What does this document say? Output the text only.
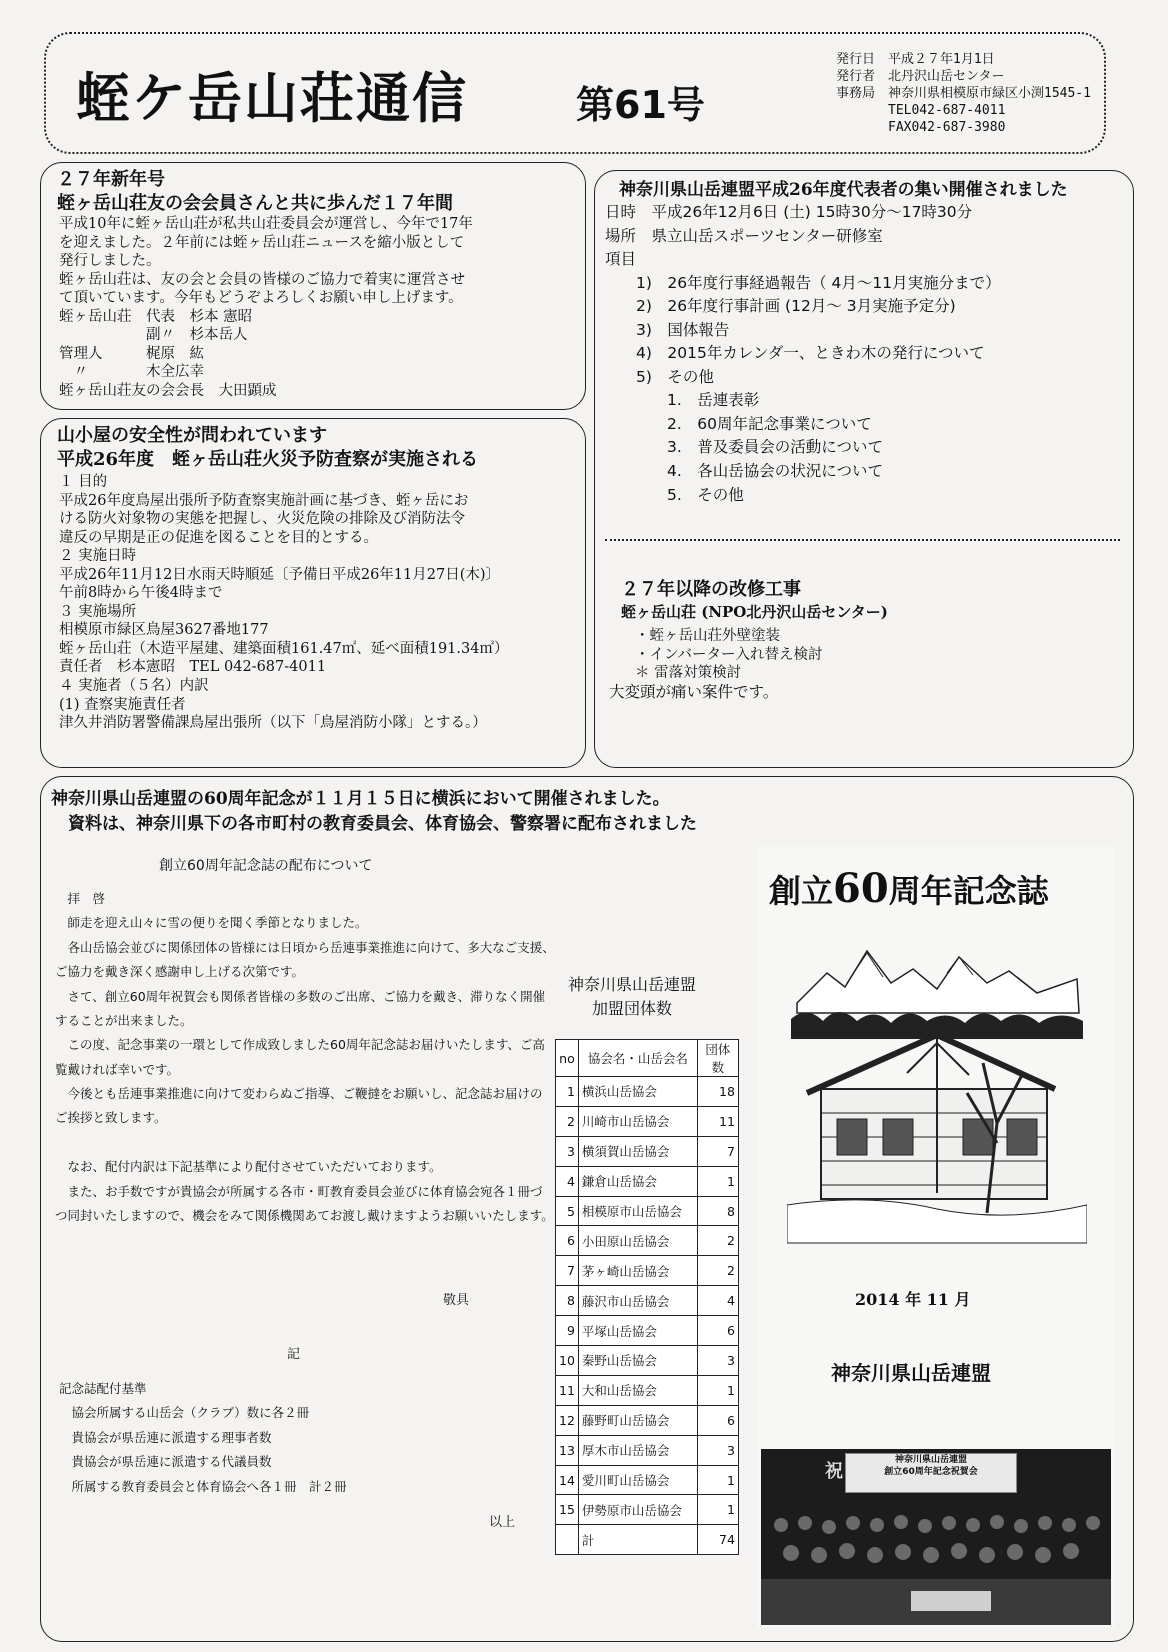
蛭ケ岳山荘通信	第61号
発行日　平成２７年1月1日
発行者　北丹沢山岳センター
事務局　神奈川県相模原市緑区小渕1545-1
　　　　TEL042-687-4011
　　　　FAX042-687-3980
２７年新年号
蛭ヶ岳山荘友の会会員さんと共に歩んだ１７年間
平成10年に蛭ヶ岳山荘が私共山荘委員会が運営し、今年で17年
を迎えました。２年前には蛭ヶ岳山荘ニュースを縮小版として
発行しました。
蛭ヶ岳山荘は、友の会と会員の皆様のご協力で着実に運営させ
て頂いています。今年もどうぞよろしくお願い申し上げます。
蛭ヶ岳山荘　代表　杉本 憲昭
　　　　　　副〃　杉本岳人
管理人　　　梶原　紘
　〃　　　　木全広幸
蛭ヶ岳山荘友の会会長　大田顕成
山小屋の安全性が問われています
平成26年度　蛭ヶ岳山荘火災予防査察が実施される
１ 目的
平成26年度鳥屋出張所予防査察実施計画に基づき、蛭ヶ岳にお
ける防火対象物の実態を把握し、火災危険の排除及び消防法令
違反の早期是正の促進を図ることを目的とする。
２ 実施日時
平成26年11月12日水雨天時順延〔予備日平成26年11月27日(木)〕
午前8時から午後4時まで
３ 実施場所
相模原市緑区鳥屋3627番地177
蛭ヶ岳山荘（木造平屋建、建築面積161.47㎡、延べ面積191.34㎡）
責任者　杉本憲昭　TEL 042-687-4011
４ 実施者（５名）内訳
(1) 査察実施責任者
津久井消防署警備課鳥屋出張所（以下「鳥屋消防小隊」とする。）
神奈川県山岳連盟平成26年度代表者の集い開催されました
日時　平成26年12月6日 (土) 15時30分～17時30分
場所　県立山岳スポーツセンター研修室
項目
　　1)　26年度行事経過報告（ 4月～11月実施分まで）
　　2)　26年度行事計画 (12月～ 3月実施予定分)
　　3)　国体報告
　　4)　2015年カレンダ一、ときわ木の発行について
　　5)　その他
　　　　1.　岳連表彰
　　　　2.　60周年記念事業について
　　　　3.　普及委員会の活動について
　　　　4.　各山岳協会の状況について
　　　　5.　その他
２７年以降の改修工事
蛭ヶ岳山荘 (NPO北丹沢山岳センター)
・蛭ヶ岳山荘外壁塗装
・インバーター入れ替え検討
＊ 雷落対策検討
大変頭が痛い案件です。
神奈川県山岳連盟の60周年記念が１１月１５日に横浜において開催されました。
　資料は、神奈川県下の各市町村の教育委員会、体育協会、警察署に配布されました
創立60周年記念誌の配布について
　拝　啓
　師走を迎え山々に雪の便りを聞く季節となりました。
　各山岳協会並びに関係団体の皆様には日頃から岳連事業推進に向けて、多大なご支援、
ご協力を戴き深く感謝申し上げる次第です。
　さて、創立60周年祝賀会も関係者皆様の多数のご出席、ご協力を戴き、滞りなく開催
することが出来ました。
　この度、記念事業の一環として作成致しました60周年記念誌お届けいたします、ご高
覧戴ければ幸いです。
　今後とも岳連事業推進に向けて変わらぬご指導、ご鞭撻をお願いし、記念誌お届けの
ご挨拶と致します。

　なお、配付内訳は下記基準により配付させていただいております。
　また、お手数ですが貴協会が所属する各市・町教育委員会並びに体育協会宛各１冊づ
つ同封いたしますので、機会をみて関係機関あてお渡し戴けますようお願いいたします。
敬具
記
記念誌配付基準
　協会所属する山岳会（クラブ）数に各２冊
　貴協会が県岳連に派遣する理事者数
　貴協会が県岳連に派遣する代議員数
　所属する教育委員会と体育協会へ各１冊　計２冊
以上
神奈川県山岳連盟
加盟団体数
no	協会名・山岳会名	団体数
1	横浜山岳協会	18
2	川崎市山岳協会	11
3	横須賀山岳協会	7
4	鎌倉山岳協会	1
5	相模原市山岳協会	8
6	小田原山岳協会	2
7	茅ヶ崎山岳協会	2
8	藤沢市山岳協会	4
9	平塚山岳協会	6
10	秦野山岳協会	3
11	大和山岳協会	1
12	藤野町山岳協会	6
13	厚木市山岳協会	3
14	愛川町山岳協会	1
15	伊勢原市山岳協会	1
	計	74
創立60周年記念誌
2014 年 11 月
神奈川県山岳連盟
祝
神奈川県山岳連盟
創立60周年記念祝賀会
